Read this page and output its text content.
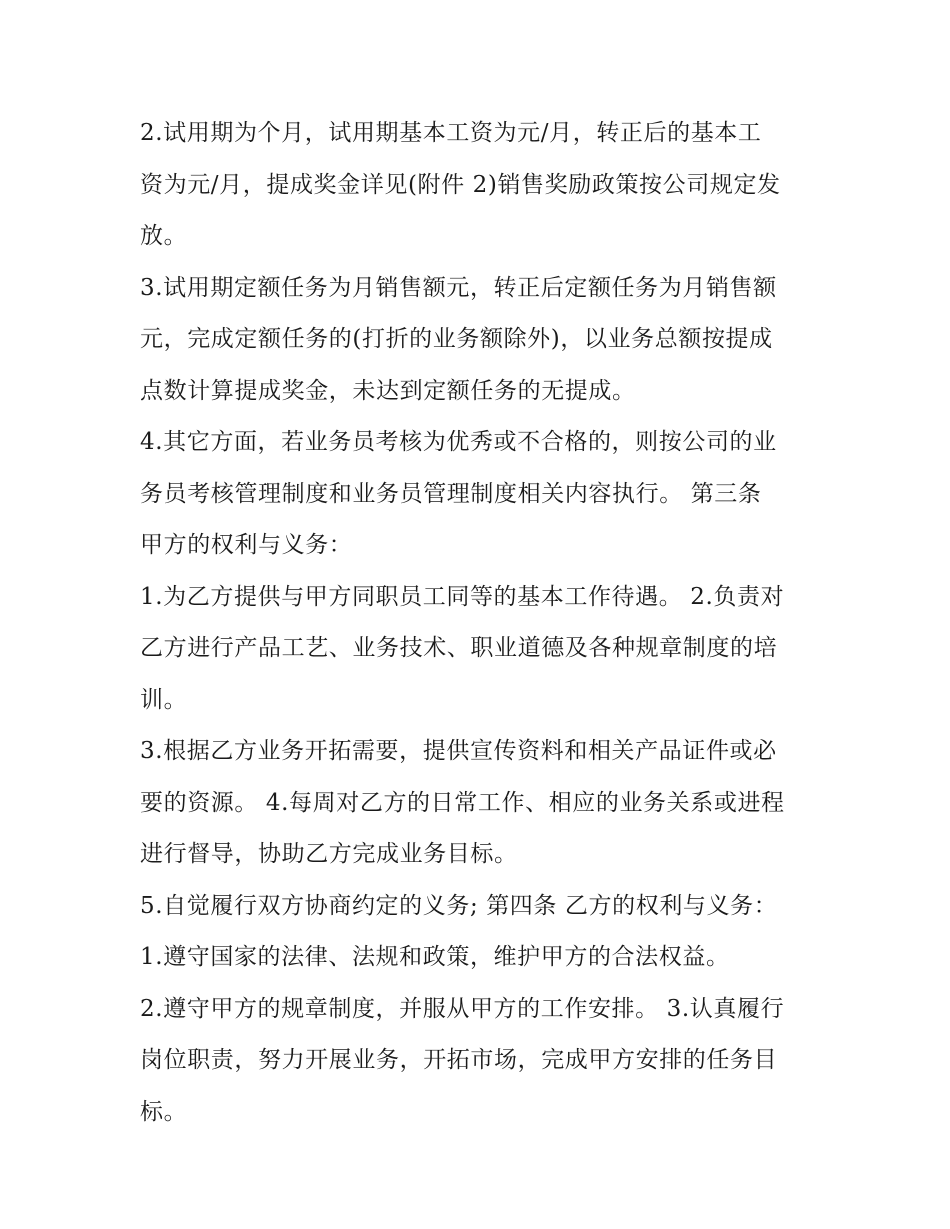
2.试用期为个月，试用期基本工资为元/月，转正后的基本工
资为元/月，提成奖金详见(附件 2)销售奖励政策按公司规定发
放。

3.试用期定额任务为月销售额元，转正后定额任务为月销售额
元，完成定额任务的(打折的业务额除外)，以业务总额按提成
点数计算提成奖金，未达到定额任务的无提成。

4.其它方面，若业务员考核为优秀或不合格的，则按公司的业
务员考核管理制度和业务员管理制度相关内容执行。 第三条
甲方的权利与义务：

1.为乙方提供与甲方同职员工同等的基本工作待遇。 2.负责对
乙方进行产品工艺、业务技术、职业道德及各种规章制度的培
训。

3.根据乙方业务开拓需要，提供宣传资料和相关产品证件或必
要的资源。 4.每周对乙方的日常工作、相应的业务关系或进程
进行督导，协助乙方完成业务目标。

5.自觉履行双方协商约定的义务; 第四条 乙方的权利与义务：

1.遵守国家的法律、法规和政策，维护甲方的合法权益。

2.遵守甲方的规章制度，并服从甲方的工作安排。 3.认真履行
岗位职责，努力开展业务，开拓市场，完成甲方安排的任务目
标。
